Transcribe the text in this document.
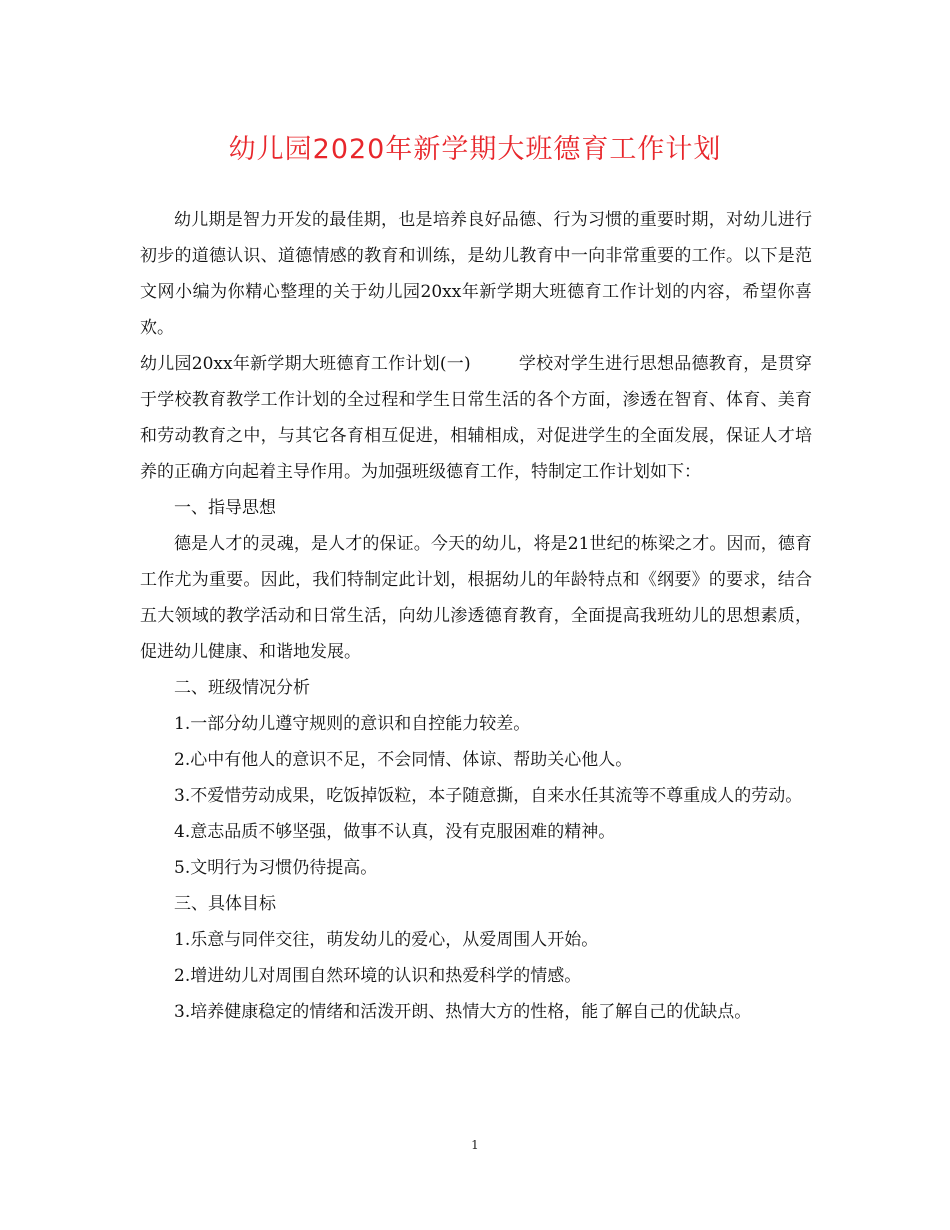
幼儿园2020年新学期大班德育工作计划

幼儿期是智力开发的最佳期，也是培养良好品德、行为习惯的重要时期，对幼儿进行初步的道德认识、道德情感的教育和训练，是幼儿教育中一向非常重要的工作。以下是范文网小编为你精心整理的关于幼儿园20xx年新学期大班德育工作计划的内容，希望你喜欢。

幼儿园20xx年新学期大班德育工作计划(一)	学校对学生进行思想品德教育，是贯穿于学校教育教学工作计划的全过程和学生日常生活的各个方面，渗透在智育、体育、美育和劳动教育之中，与其它各育相互促进，相辅相成，对促进学生的全面发展，保证人才培养的正确方向起着主导作用。为加强班级德育工作，特制定工作计划如下：

一、指导思想

德是人才的灵魂，是人才的保证。今天的幼儿，将是21世纪的栋梁之才。因而，德育工作尤为重要。因此，我们特制定此计划，根据幼儿的年龄特点和《纲要》的要求，结合五大领域的教学活动和日常生活，向幼儿渗透德育教育，全面提高我班幼儿的思想素质，促进幼儿健康、和谐地发展。

二、班级情况分析

1.一部分幼儿遵守规则的意识和自控能力较差。

2.心中有他人的意识不足，不会同情、体谅、帮助关心他人。

3.不爱惜劳动成果，吃饭掉饭粒，本子随意撕，自来水任其流等不尊重成人的劳动。

4.意志品质不够坚强，做事不认真，没有克服困难的精神。

5.文明行为习惯仍待提高。

三、具体目标

1.乐意与同伴交往，萌发幼儿的爱心，从爱周围人开始。

2.增进幼儿对周围自然环境的认识和热爱科学的情感。

3.培养健康稳定的情绪和活泼开朗、热情大方的性格，能了解自己的优缺点。

1
